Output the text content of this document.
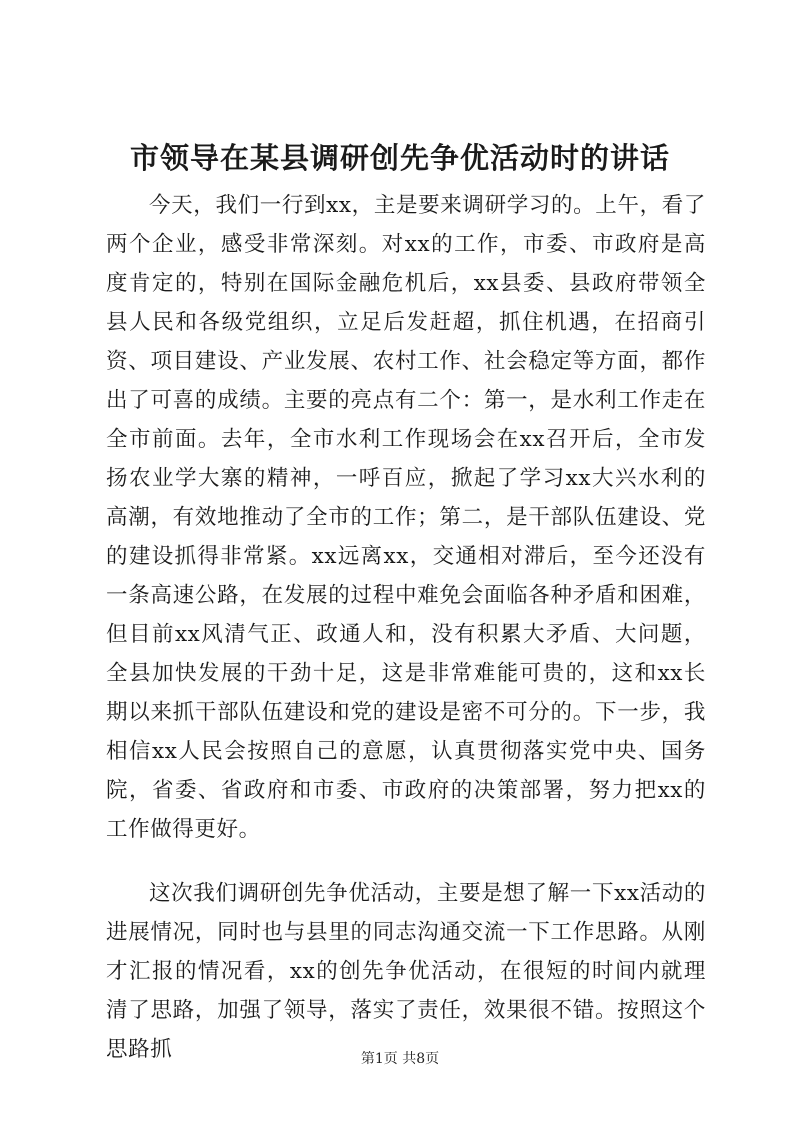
市领导在某县调研创先争优活动时的讲话

今天，我们一行到xx，主是要来调研学习的。上午，看了两个企业，感受非常深刻。对xx的工作，市委、市政府是高度肯定的，特别在国际金融危机后，xx县委、县政府带领全县人民和各级党组织，立足后发赶超，抓住机遇，在招商引资、项目建设、产业发展、农村工作、社会稳定等方面，都作出了可喜的成绩。主要的亮点有二个：第一，是水利工作走在全市前面。去年，全市水利工作现场会在xx召开后，全市发扬农业学大寨的精神，一呼百应，掀起了学习xx大兴水利的高潮，有效地推动了全市的工作；第二，是干部队伍建设、党的建设抓得非常紧。xx远离xx，交通相对滞后，至今还没有一条高速公路，在发展的过程中难免会面临各种矛盾和困难，但目前xx风清气正、政通人和，没有积累大矛盾、大问题，全县加快发展的干劲十足，这是非常难能可贵的，这和xx长期以来抓干部队伍建设和党的建设是密不可分的。下一步，我相信xx人民会按照自己的意愿，认真贯彻落实党中央、国务院，省委、省政府和市委、市政府的决策部署，努力把xx的工作做得更好。

这次我们调研创先争优活动，主要是想了解一下xx活动的进展情况，同时也与县里的同志沟通交流一下工作思路。从刚才汇报的情况看，xx的创先争优活动，在很短的时间内就理清了思路，加强了领导，落实了责任，效果很不错。按照这个思路抓	第1页 共8页
